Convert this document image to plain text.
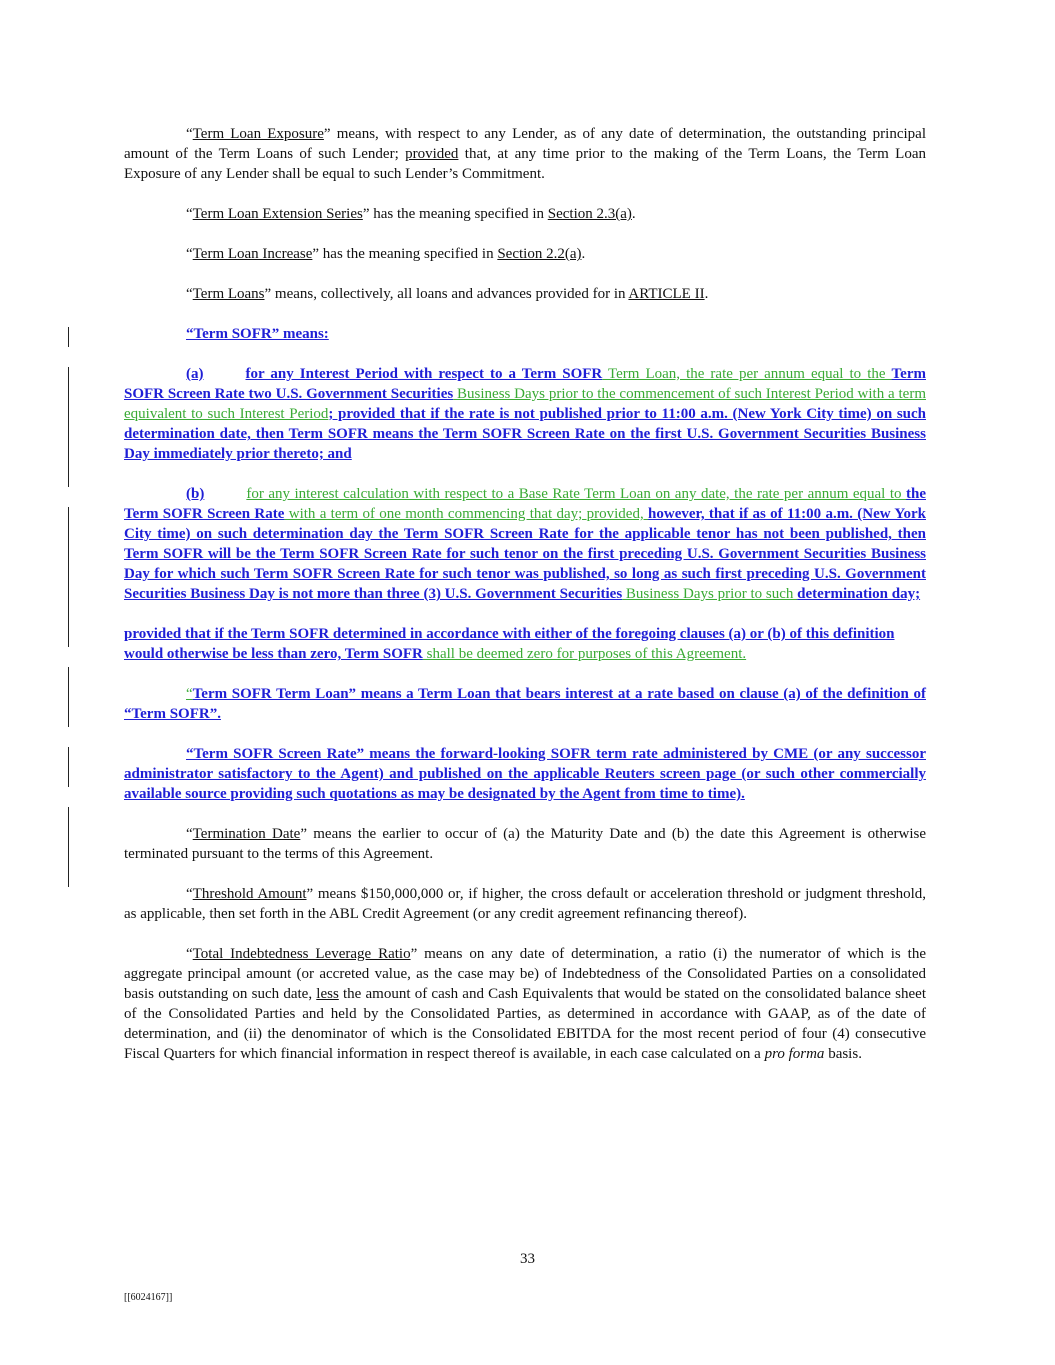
“Term Loan Exposure” means, with respect to any Lender, as of any date of determination, the outstanding principal amount of the Term Loans of such Lender; provided that, at any time prior to the making of the Term Loans, the Term Loan Exposure of any Lender shall be equal to such Lender’s Commitment.

“Term Loan Extension Series” has the meaning specified in Section 2.3(a).

“Term Loan Increase” has the meaning specified in Section 2.2(a).

“Term Loans” means, collectively, all loans and advances provided for in ARTICLE II.

“Term SOFR” means:

(a)	for any Interest Period with respect to a Term SOFR Term Loan, the rate per annum equal to the Term SOFR Screen Rate two U.S. Government Securities Business Days prior to the commencement of such Interest Period with a term equivalent to such Interest Period; provided that if the rate is not published prior to 11:00 a.m. (New York City time) on such determination date, then Term SOFR means the Term SOFR Screen Rate on the first U.S. Government Securities Business Day immediately prior thereto; and

(b)	for any interest calculation with respect to a Base Rate Term Loan on any date, the rate per annum equal to the Term SOFR Screen Rate with a term of one month commencing that day; provided, however, that if as of 11:00 a.m. (New York City time) on such determination day the Term SOFR Screen Rate for the applicable tenor has not been published, then Term SOFR will be the Term SOFR Screen Rate for such tenor on the first preceding U.S. Government Securities Business Day for which such Term SOFR Screen Rate for such tenor was published, so long as such first preceding U.S. Government Securities Business Day is not more than three (3) U.S. Government Securities Business Days prior to such determination day;

provided that if the Term SOFR determined in accordance with either of the foregoing clauses (a) or (b) of this definition would otherwise be less than zero, Term SOFR shall be deemed zero for purposes of this Agreement.

“Term SOFR Term Loan” means a Term Loan that bears interest at a rate based on clause (a) of the definition of “Term SOFR”.

“Term SOFR Screen Rate” means the forward-looking SOFR term rate administered by CME (or any successor administrator satisfactory to the Agent) and published on the applicable Reuters screen page (or such other commercially available source providing such quotations as may be designated by the Agent from time to time).

“Termination Date” means the earlier to occur of (a) the Maturity Date and (b) the date this Agreement is otherwise terminated pursuant to the terms of this Agreement.

“Threshold Amount” means $150,000,000 or, if higher, the cross default or acceleration threshold or judgment threshold, as applicable, then set forth in the ABL Credit Agreement (or any credit agreement refinancing thereof).

“Total Indebtedness Leverage Ratio” means on any date of determination, a ratio (i) the numerator of which is the aggregate principal amount (or accreted value, as the case may be) of Indebtedness of the Consolidated Parties on a consolidated basis outstanding on such date, less the amount of cash and Cash Equivalents that would be stated on the consolidated balance sheet of the Consolidated Parties and held by the Consolidated Parties, as determined in accordance with GAAP, as of the date of determination, and (ii) the denominator of which is the Consolidated EBITDA for the most recent period of four (4) consecutive Fiscal Quarters for which financial information in respect thereof is available, in each case calculated on a pro forma basis.

33
[[6024167]]
